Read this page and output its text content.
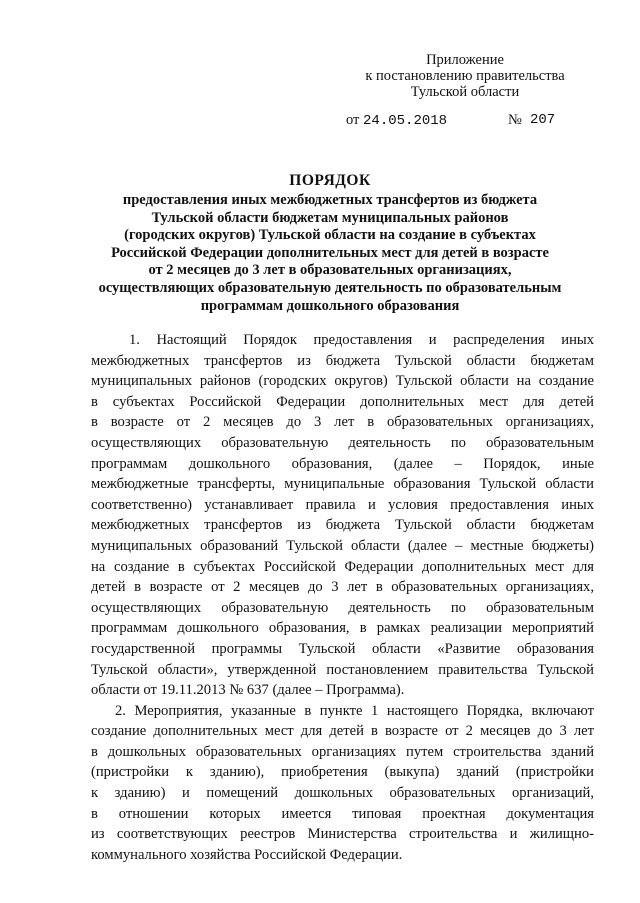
Приложение
к постановлению правительства
Тульской области
от 24.05.2018	№ 207
ПОРЯДОК
предоставления иных межбюджетных трансфертов из бюджета
Тульской области бюджетам муниципальных районов
(городских округов) Тульской области на создание в субъектах
Российской Федерации дополнительных мест для детей в возрасте
от 2 месяцев до 3 лет в образовательных организациях,
осуществляющих образовательную деятельность по образовательным
программам дошкольного образования
1. Настоящий Порядок предоставления и распределения иных
межбюджетных трансфертов из бюджета Тульской области бюджетам
муниципальных районов (городских округов) Тульской области на создание
в субъектах Российской Федерации дополнительных мест для детей
в возрасте от 2 месяцев до 3 лет в образовательных организациях,
осуществляющих образовательную деятельность по образовательным
программам дошкольного образования, (далее – Порядок, иные
межбюджетные трансферты, муниципальные образования Тульской области
соответственно) устанавливает правила и условия предоставления иных
межбюджетных трансфертов из бюджета Тульской области бюджетам
муниципальных образований Тульской области (далее – местные бюджеты)
на создание в субъектах Российской Федерации дополнительных мест для
детей в возрасте от 2 месяцев до 3 лет в образовательных организациях,
осуществляющих образовательную деятельность по образовательным
программам дошкольного образования, в рамках реализации мероприятий
государственной программы Тульской области «Развитие образования
Тульской области», утвержденной постановлением правительства Тульской
области от 19.11.2013 № 637 (далее – Программа).
2. Мероприятия, указанные в пункте 1 настоящего Порядка, включают
создание дополнительных мест для детей в возрасте от 2 месяцев до 3 лет
в дошкольных образовательных организациях путем строительства зданий
(пристройки к зданию), приобретения (выкупа) зданий (пристройки
к зданию) и помещений дошкольных образовательных организаций,
в отношении которых имеется типовая проектная документация
из соответствующих реестров Министерства строительства и жилищно-
коммунального хозяйства Российской Федерации.
